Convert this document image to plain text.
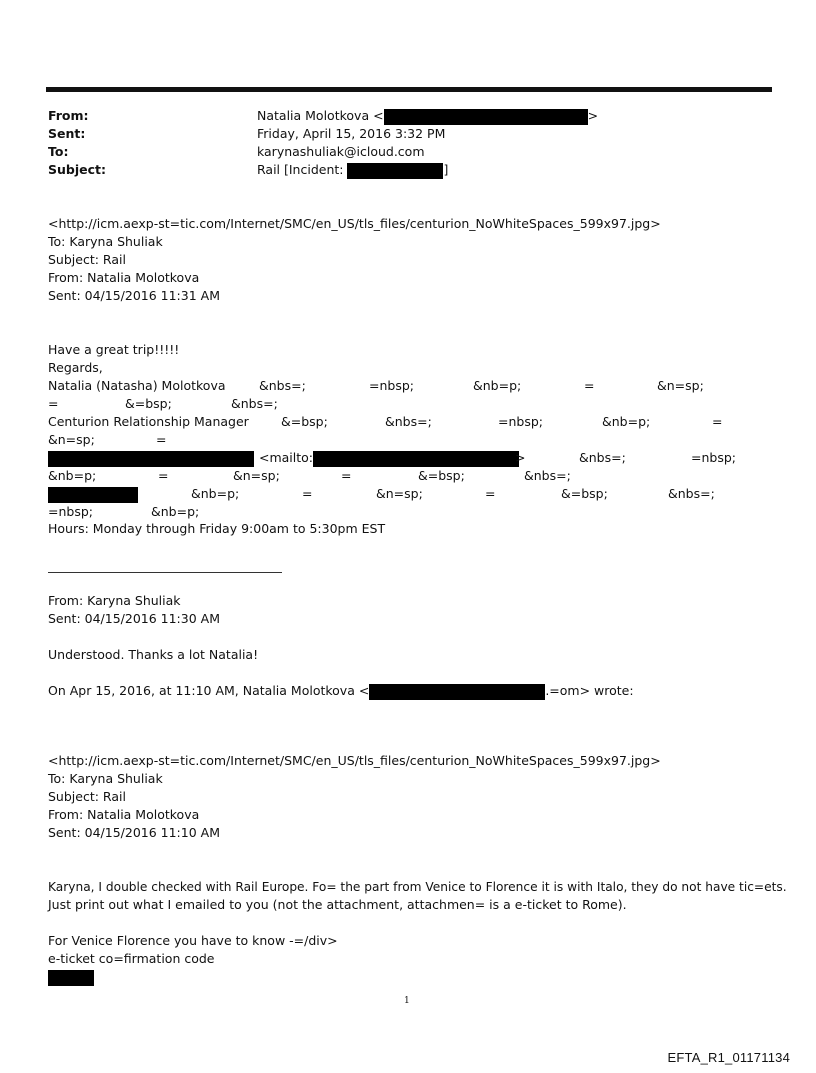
From:	Natalia Molotkova <	>
Sent:	Friday, April 15, 2016 3:32 PM
To:	karynashuliak@icloud.com
Subject:	Rail [Incident:	]
<http://icm.aexp-st=tic.com/Internet/SMC/en_US/tls_files/centurion_NoWhiteSpaces_599x97.jpg>
To: Karyna Shuliak
Subject: Rail
From: Natalia Molotkova
Sent: 04/15/2016 11:31 AM
Have a great trip!!!!!
Regards,
Natalia (Natasha) Molotkova	&nbs=;	=nbsp;	&nb=p;	=	&n=sp;
=	&=bsp;	&nbs=;
Centurion Relationship Manager	&=bsp;	&nbs=;	=nbsp;	&nb=p;	=
&n=sp;	=
<mailto:	>	&nbs=;	=nbsp;
&nb=p;	=	&n=sp;	=	&=bsp;	&nbs=;
&nb=p;	=	&n=sp;	=	&=bsp;	&nbs=;
=nbsp;	&nb=p;
Hours: Monday through Friday 9:00am to 5:30pm EST
From: Karyna Shuliak
Sent: 04/15/2016 11:30 AM
Understood. Thanks a lot Natalia!
On Apr 15, 2016, at 11:10 AM, Natalia Molotkova <	.=om> wrote:
<http://icm.aexp-st=tic.com/Internet/SMC/en_US/tls_files/centurion_NoWhiteSpaces_599x97.jpg>
To: Karyna Shuliak
Subject: Rail
From: Natalia Molotkova
Sent: 04/15/2016 11:10 AM
Karyna, I double checked with Rail Europe. Fo= the part from Venice to Florence it is with Italo, they do not have tic=ets.
Just print out what I emailed to you (not the attachment, attachmen= is a e-ticket to Rome).
For Venice Florence you have to know -=/div>
e-ticket co=firmation code
1
EFTA_R1_01171134
